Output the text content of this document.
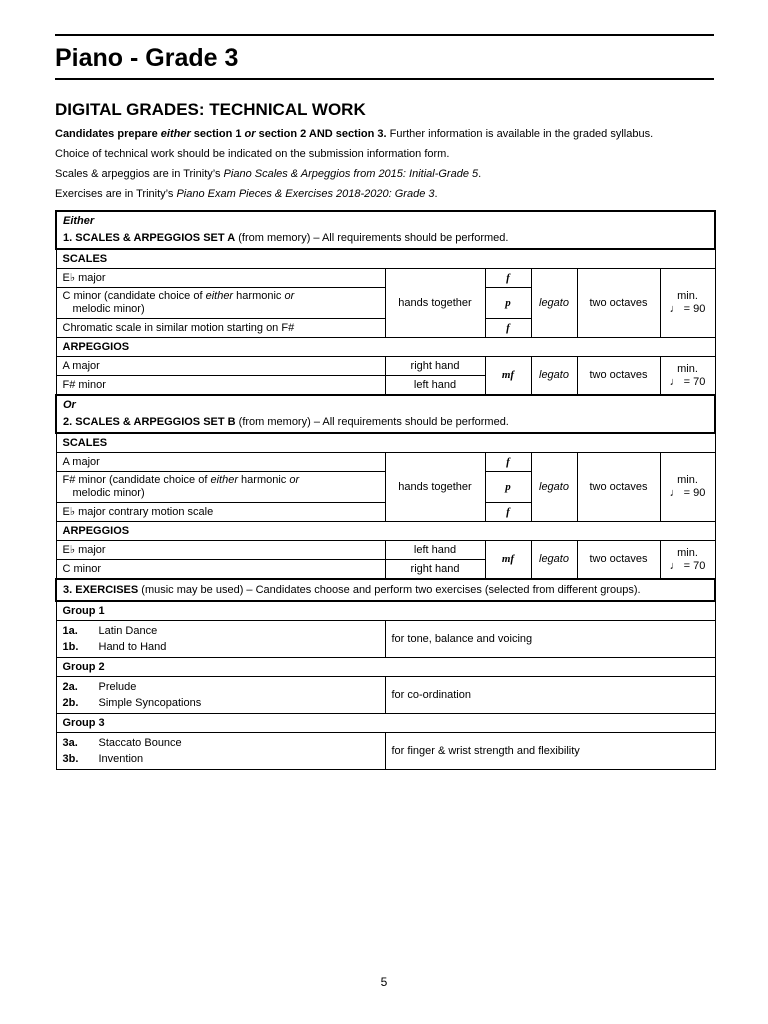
Piano - Grade 3
DIGITAL GRADES: TECHNICAL WORK

Candidates prepare either section 1 or section 2 AND section 3. Further information is available in the graded syllabus.

Choice of technical work should be indicated on the submission information form.

Scales & arpeggios are in Trinity’s Piano Scales & Arpeggios from 2015: Initial-Grade 5.

Exercises are in Trinity’s Piano Exam Pieces & Exercises 2018-2020: Grade 3.

Either
1. SCALES & ARPEGGIOS SET A (from memory) – All requirements should be performed.					
SCALES					
E♭ major	hands together	f	legato	two octaves	min.
♩ = 90
C minor (candidate choice of either harmonic or
melodic minor)		p			
Chromatic scale in similar motion starting on F#		f			
ARPEGGIOS					
A major	right hand	mf	legato	two octaves	min.
♩ = 70
F# minor	left hand				

Or
2. SCALES & ARPEGGIOS SET B (from memory) – All requirements should be performed.					
SCALES					
A major	hands together	f	legato	two octaves	min.
♩ = 90
F# minor (candidate choice of either harmonic or
melodic minor)		p			
E♭ major contrary motion scale		f			
ARPEGGIOS					
E♭ major	left hand	mf	legato	two octaves	min.
♩ = 70
C minor	right hand				
3. EXERCISES (music may be used) – Candidates choose and perform two exercises (selected from different groups).					
Group 1					

1a. Latin Dance
1b. Hand to Hand	for tone, balance and voicing				
Group 2					

2a. Prelude
2b. Simple Syncopations	for co-ordination				
Group 3					

3a. Staccato Bounce
3b. Invention	for finger & wrist strength and flexibility				
5
